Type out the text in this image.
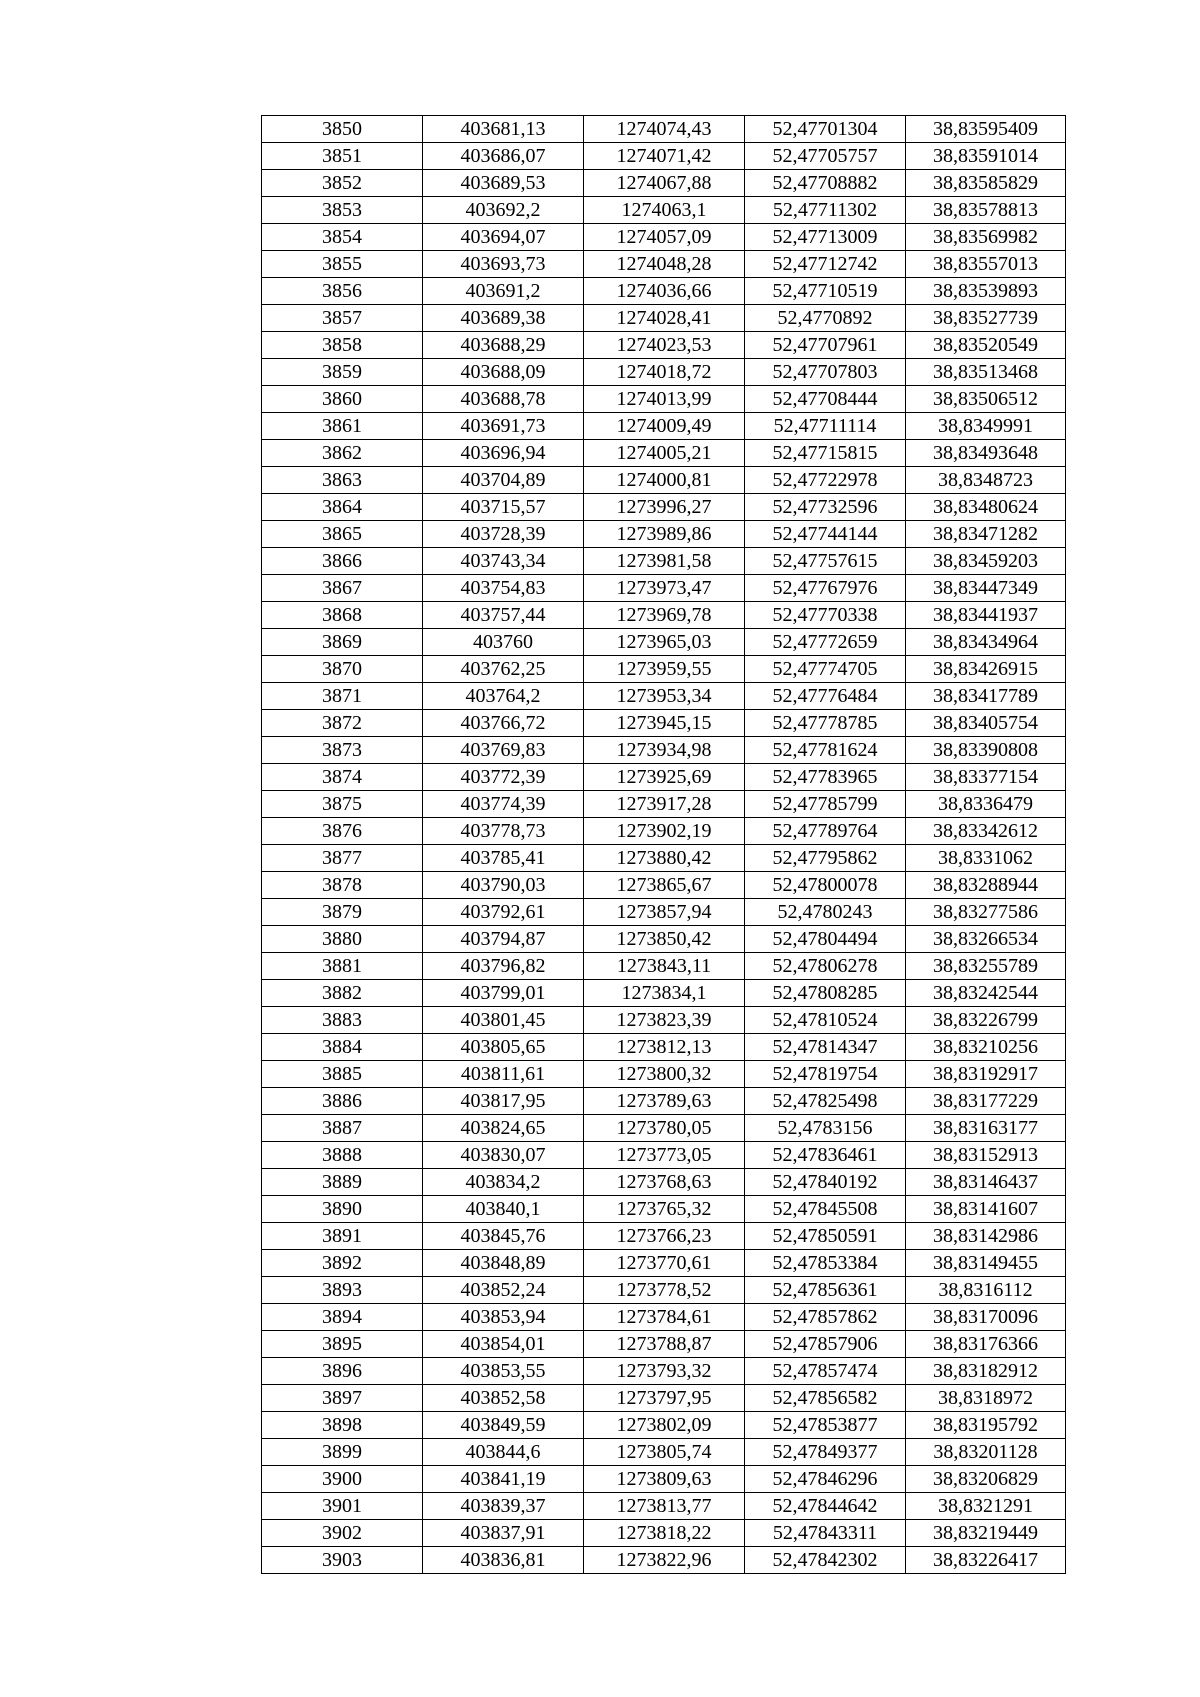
3850	403681,13	1274074,43	52,47701304	38,83595409
3851	403686,07	1274071,42	52,47705757	38,83591014
3852	403689,53	1274067,88	52,47708882	38,83585829
3853	403692,2	1274063,1	52,47711302	38,83578813
3854	403694,07	1274057,09	52,47713009	38,83569982
3855	403693,73	1274048,28	52,47712742	38,83557013
3856	403691,2	1274036,66	52,47710519	38,83539893
3857	403689,38	1274028,41	52,4770892	38,83527739
3858	403688,29	1274023,53	52,47707961	38,83520549
3859	403688,09	1274018,72	52,47707803	38,83513468
3860	403688,78	1274013,99	52,47708444	38,83506512
3861	403691,73	1274009,49	52,47711114	38,8349991
3862	403696,94	1274005,21	52,47715815	38,83493648
3863	403704,89	1274000,81	52,47722978	38,8348723
3864	403715,57	1273996,27	52,47732596	38,83480624
3865	403728,39	1273989,86	52,47744144	38,83471282
3866	403743,34	1273981,58	52,47757615	38,83459203
3867	403754,83	1273973,47	52,47767976	38,83447349
3868	403757,44	1273969,78	52,47770338	38,83441937
3869	403760	1273965,03	52,47772659	38,83434964
3870	403762,25	1273959,55	52,47774705	38,83426915
3871	403764,2	1273953,34	52,47776484	38,83417789
3872	403766,72	1273945,15	52,47778785	38,83405754
3873	403769,83	1273934,98	52,47781624	38,83390808
3874	403772,39	1273925,69	52,47783965	38,83377154
3875	403774,39	1273917,28	52,47785799	38,8336479
3876	403778,73	1273902,19	52,47789764	38,83342612
3877	403785,41	1273880,42	52,47795862	38,8331062
3878	403790,03	1273865,67	52,47800078	38,83288944
3879	403792,61	1273857,94	52,4780243	38,83277586
3880	403794,87	1273850,42	52,47804494	38,83266534
3881	403796,82	1273843,11	52,47806278	38,83255789
3882	403799,01	1273834,1	52,47808285	38,83242544
3883	403801,45	1273823,39	52,47810524	38,83226799
3884	403805,65	1273812,13	52,47814347	38,83210256
3885	403811,61	1273800,32	52,47819754	38,83192917
3886	403817,95	1273789,63	52,47825498	38,83177229
3887	403824,65	1273780,05	52,4783156	38,83163177
3888	403830,07	1273773,05	52,47836461	38,83152913
3889	403834,2	1273768,63	52,47840192	38,83146437
3890	403840,1	1273765,32	52,47845508	38,83141607
3891	403845,76	1273766,23	52,47850591	38,83142986
3892	403848,89	1273770,61	52,47853384	38,83149455
3893	403852,24	1273778,52	52,47856361	38,8316112
3894	403853,94	1273784,61	52,47857862	38,83170096
3895	403854,01	1273788,87	52,47857906	38,83176366
3896	403853,55	1273793,32	52,47857474	38,83182912
3897	403852,58	1273797,95	52,47856582	38,8318972
3898	403849,59	1273802,09	52,47853877	38,83195792
3899	403844,6	1273805,74	52,47849377	38,83201128
3900	403841,19	1273809,63	52,47846296	38,83206829
3901	403839,37	1273813,77	52,47844642	38,8321291
3902	403837,91	1273818,22	52,47843311	38,83219449
3903	403836,81	1273822,96	52,47842302	38,83226417
